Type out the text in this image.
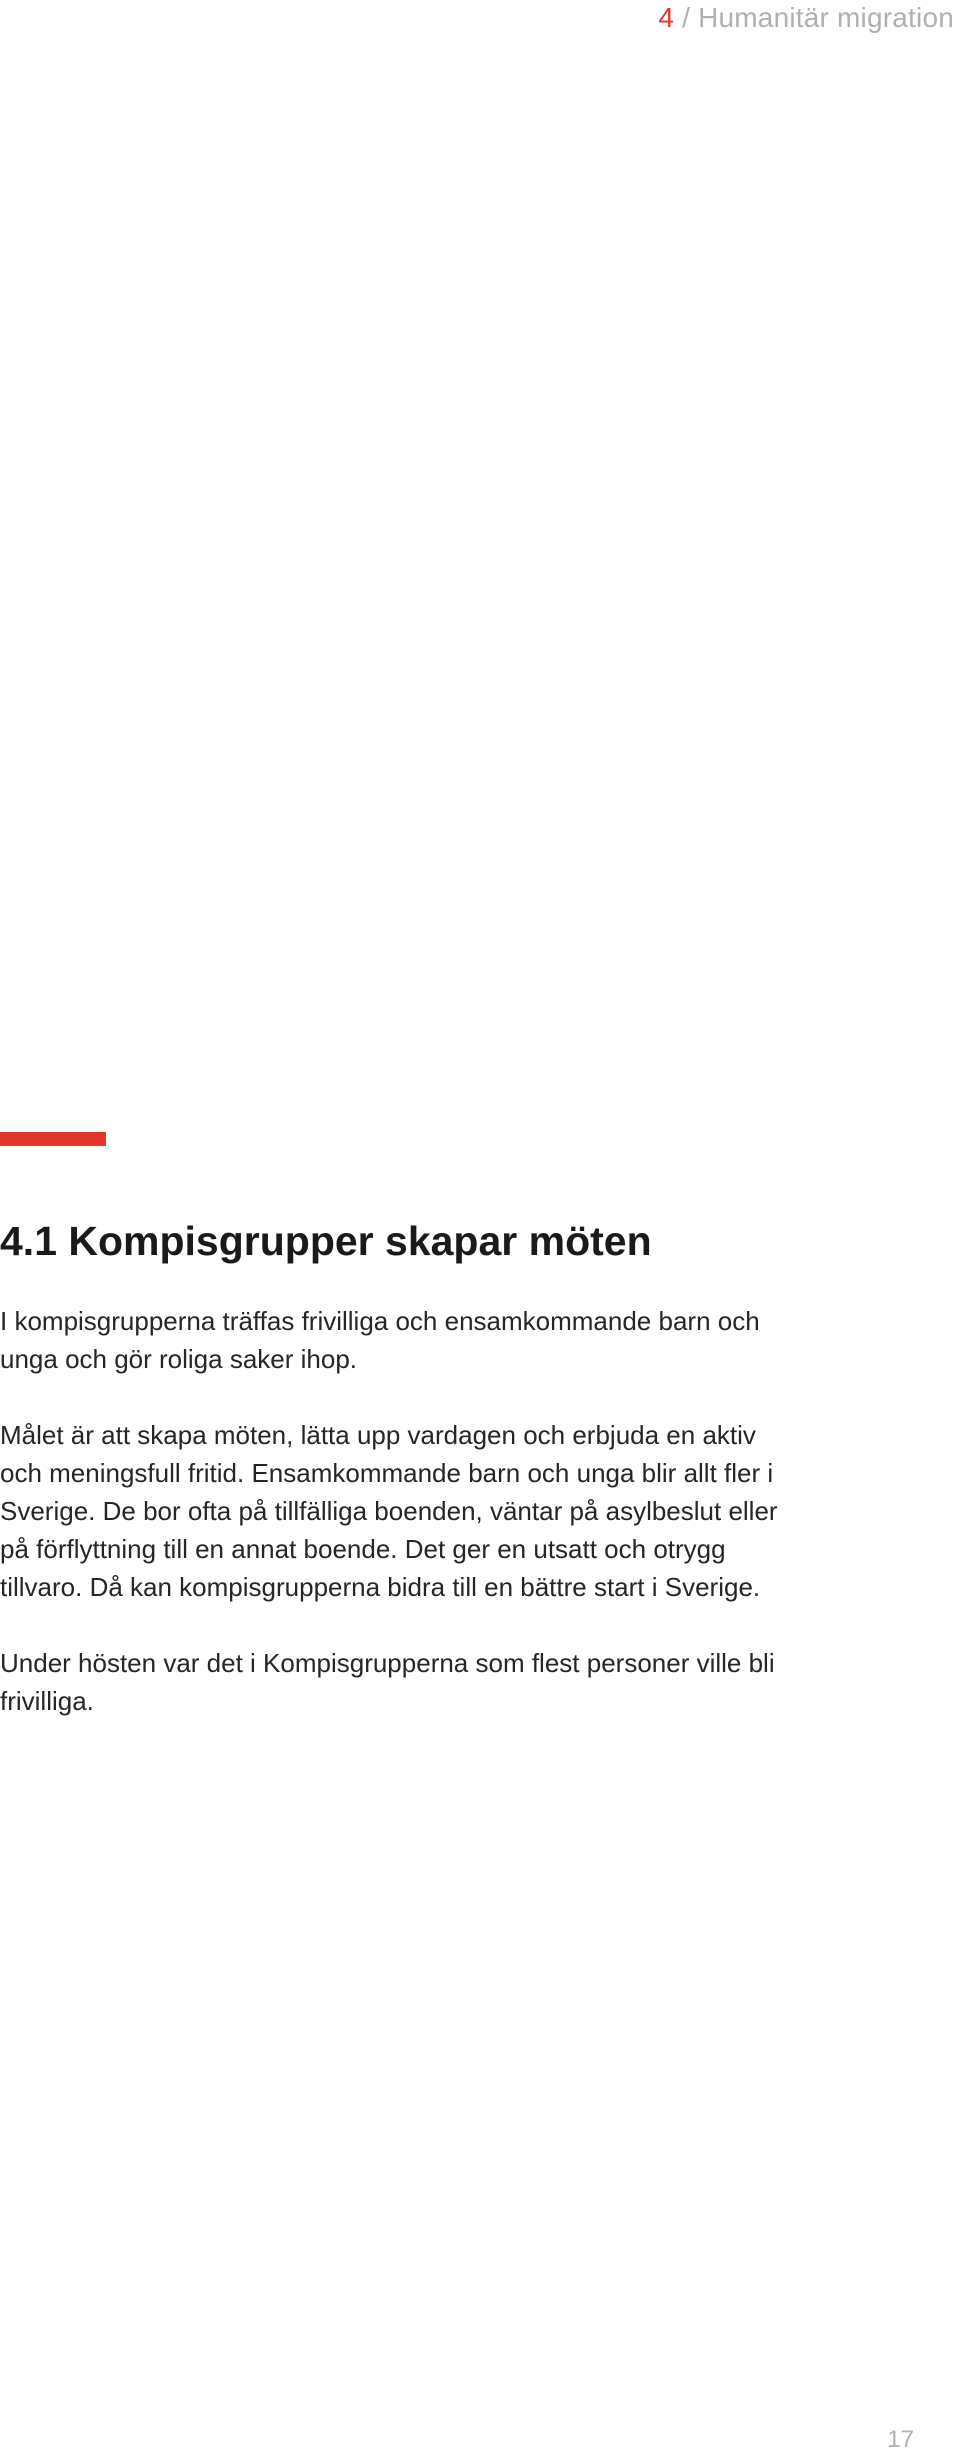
4 / Humanitär migration
4.1 Kompisgrupper skapar möten

I kompisgrupperna träffas frivilliga och ensamkommande barn och unga och gör roliga saker ihop.

Målet är att skapa möten, lätta upp vardagen och erbjuda en aktiv och meningsfull fritid. Ensamkommande barn och unga blir allt fler i Sverige. De bor ofta på tillfälliga boenden, väntar på asylbeslut eller på förflyttning till en annat boende. Det ger en utsatt och otrygg tillvaro. Då kan kompisgrupperna bidra till en bättre start i Sverige.

Under hösten var det i Kompisgrupperna som flest personer ville bli frivilliga.

17
